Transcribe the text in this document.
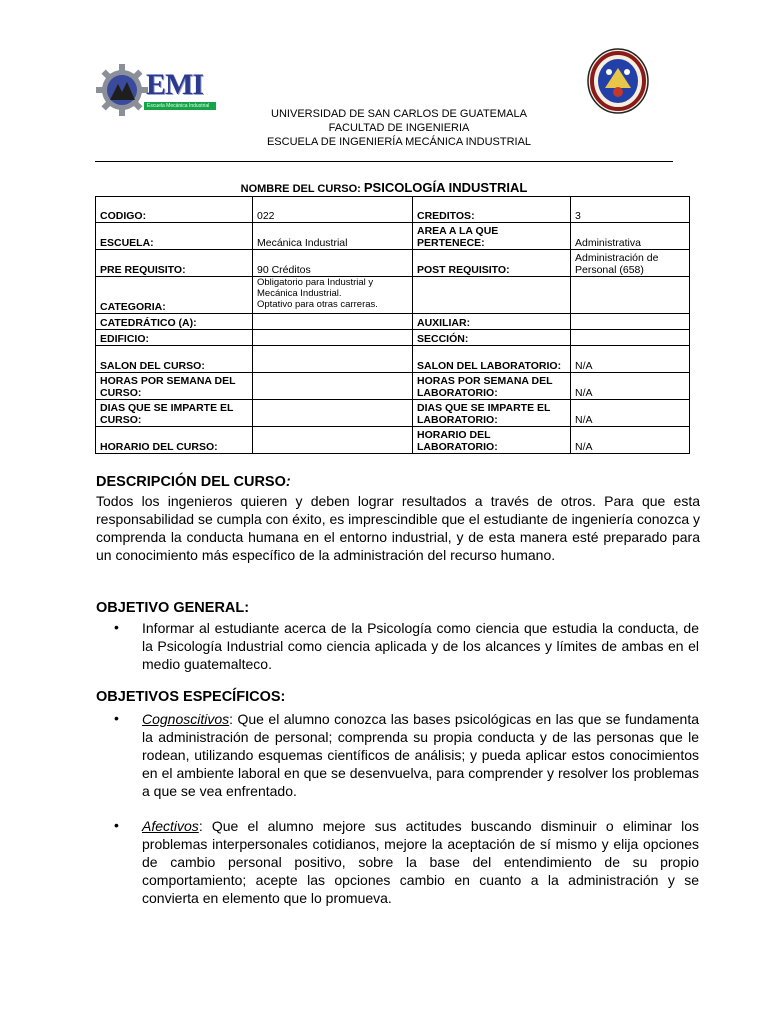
EMI
Escuela Mecánica Industrial
UNIVERSIDAD DE SAN CARLOS DE GUATEMALA
FACULTAD DE INGENIERIA
ESCUELA DE INGENIERÍA MECÁNICA INDUSTRIAL
NOMBRE DEL CURSO: PSICOLOGÍA INDUSTRIAL
CODIGO:	022	CREDITOS:	3
ESCUELA:	Mecánica Industrial	AREA A LA QUE PERTENECE:	Administrativa
PRE REQUISITO:	90 Créditos	POST REQUISITO:	Administración de Personal (658)
CATEGORIA:	Obligatorio para Industrial y Mecánica Industrial.
Optativo para otras carreras.		

CATEDRÁTICO (A):		AUXILIAR:	
EDIFICIO:		SECCIÓN:	
SALON DEL CURSO:		SALON DEL LABORATORIO:	N/A
HORAS POR SEMANA DEL CURSO:		HORAS POR SEMANA DEL LABORATORIO:	N/A
DIAS QUE SE IMPARTE EL CURSO:		DIAS QUE SE IMPARTE EL LABORATORIO:	N/A
HORARIO DEL CURSO:		HORARIO DEL LABORATORIO:	N/A
DESCRIPCIÓN DEL CURSO:
Todos los ingenieros quieren y deben lograr resultados a través de otros. Para que esta responsabilidad se cumpla con éxito, es imprescindible que el estudiante de ingeniería conozca y comprenda la conducta humana en el entorno industrial, y de esta manera esté preparado para un conocimiento más específico de la administración del recurso humano.
OBJETIVO GENERAL:
• Informar al estudiante acerca de la Psicología como ciencia que estudia la conducta, de la Psicología Industrial como ciencia aplicada y de los alcances y límites de ambas en el medio guatemalteco.
OBJETIVOS ESPECÍFICOS:
• Cognoscitivos: Que el alumno conozca las bases psicológicas en las que se fundamenta la administración de personal; comprenda su propia conducta y de las personas que le rodean, utilizando esquemas científicos de análisis; y pueda aplicar estos conocimientos en el ambiente laboral en que se desenvuelva, para comprender y resolver los problemas a que se vea enfrentado.
• Afectivos: Que el alumno mejore sus actitudes buscando disminuir o eliminar los problemas interpersonales cotidianos, mejore la aceptación de sí mismo y elija opciones de cambio personal positivo, sobre la base del entendimiento de su propio comportamiento; acepte las opciones cambio en cuanto a la administración y se convierta en elemento que lo promueva.
